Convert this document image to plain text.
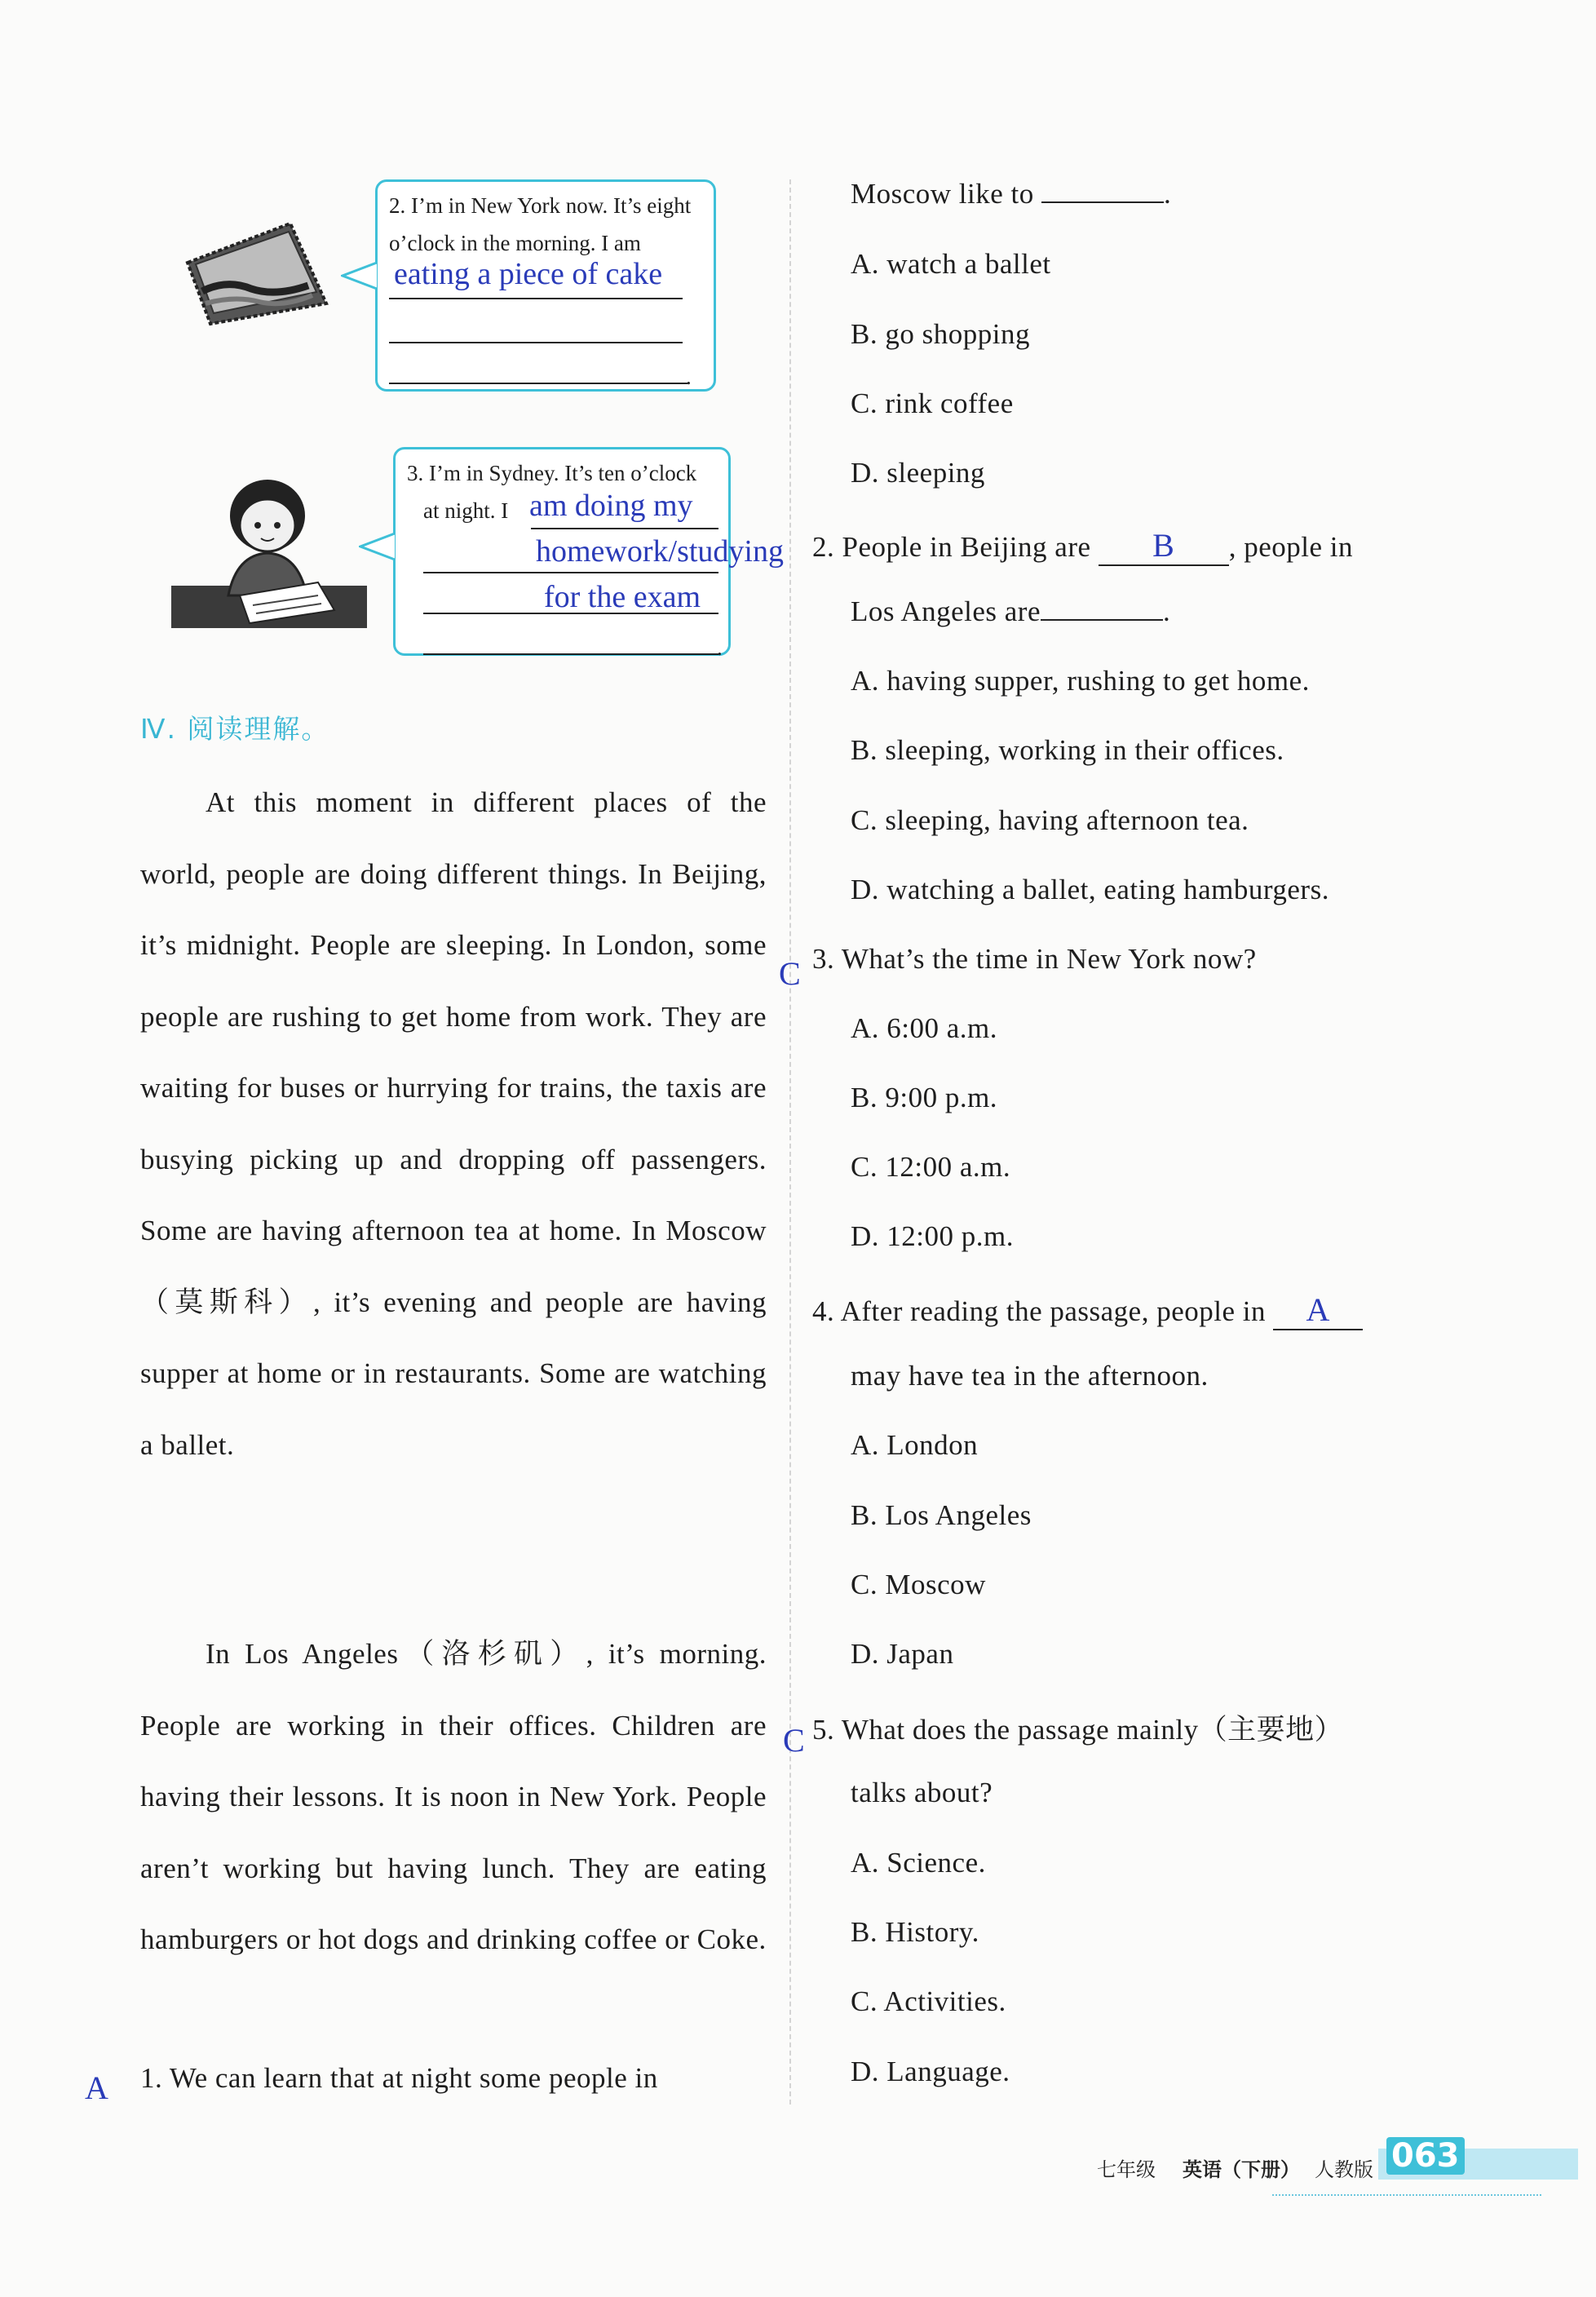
2. I’m in New York now. It’s eight
o’clock in the morning. I am
.
eating a piece of cake
3. I’m in Sydney. It’s ten o’clock
at night. I
.
am doing my
homework/studying
for the exam
Ⅳ. 阅读理解。
At this moment in different places of the world, people are doing different things. In Beijing, it’s midnight. People are sleeping. In London, some people are rushing to get home from work. They are waiting for buses or hurrying for trains, the taxis are busying picking up and dropping off passengers. Some are having afternoon tea at home. In Moscow（莫斯科）, it’s evening and people are having supper at home or in restaurants. Some are watching a ballet.
In Los Angeles（洛杉矶）, it’s morning. People are working in their offices. Children are having their lessons. It is noon in New York. People aren’t working but having lunch. They are eating hamburgers or hot dogs and drinking coffee or Coke.
A 1. We can learn that at night some people in
Moscow like to	.
A. watch a ballet
B. go shopping
C. rink coffee
D. sleeping
2. People in Beijing are B , people in
Los Angeles are	.
A. having supper, rushing to get home.
B. sleeping, working in their offices.
C. sleeping, having afternoon tea.
D. watching a ballet, eating hamburgers.
C 3. What’s the time in New York now?
A. 6:00 a.m.
B. 9:00 p.m.
C. 12:00 a.m.
D. 12:00 p.m.
4. After reading the passage, people in A
may have tea in the afternoon.
A. London
B. Los Angeles
C. Moscow
D. Japan
C 5. What does the passage mainly（主要地）
talks about?
A. Science.
B. History.
C. Activities.
D. Language.
七年级 英语（下册） 人教版 063
